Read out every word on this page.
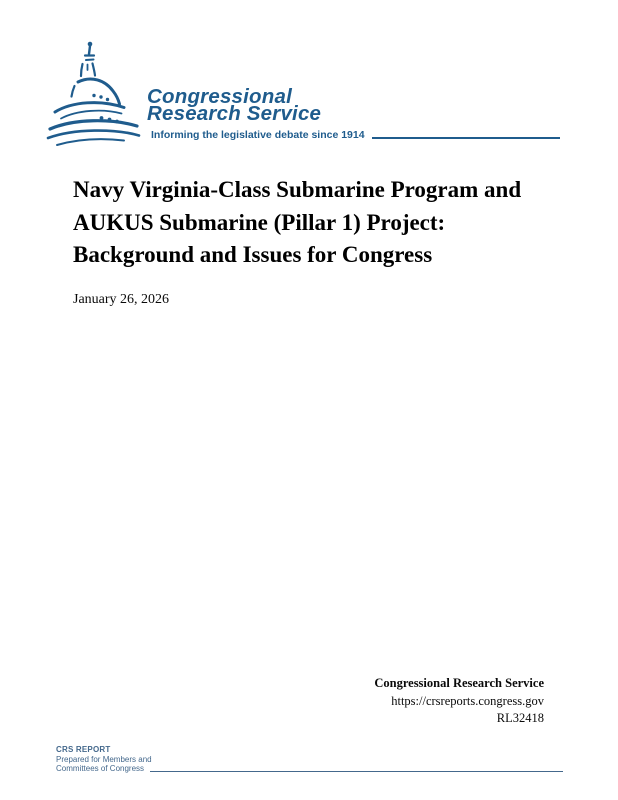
Congressional
Research Service
Informing the legislative debate since 1914
Navy Virginia-Class Submarine Program and
AUKUS Submarine (Pillar 1) Project:
Background and Issues for Congress
January 26, 2026
Congressional Research Service
https://crsreports.congress.gov
RL32418
CRS REPORT
Prepared for Members and
Committees of Congress
